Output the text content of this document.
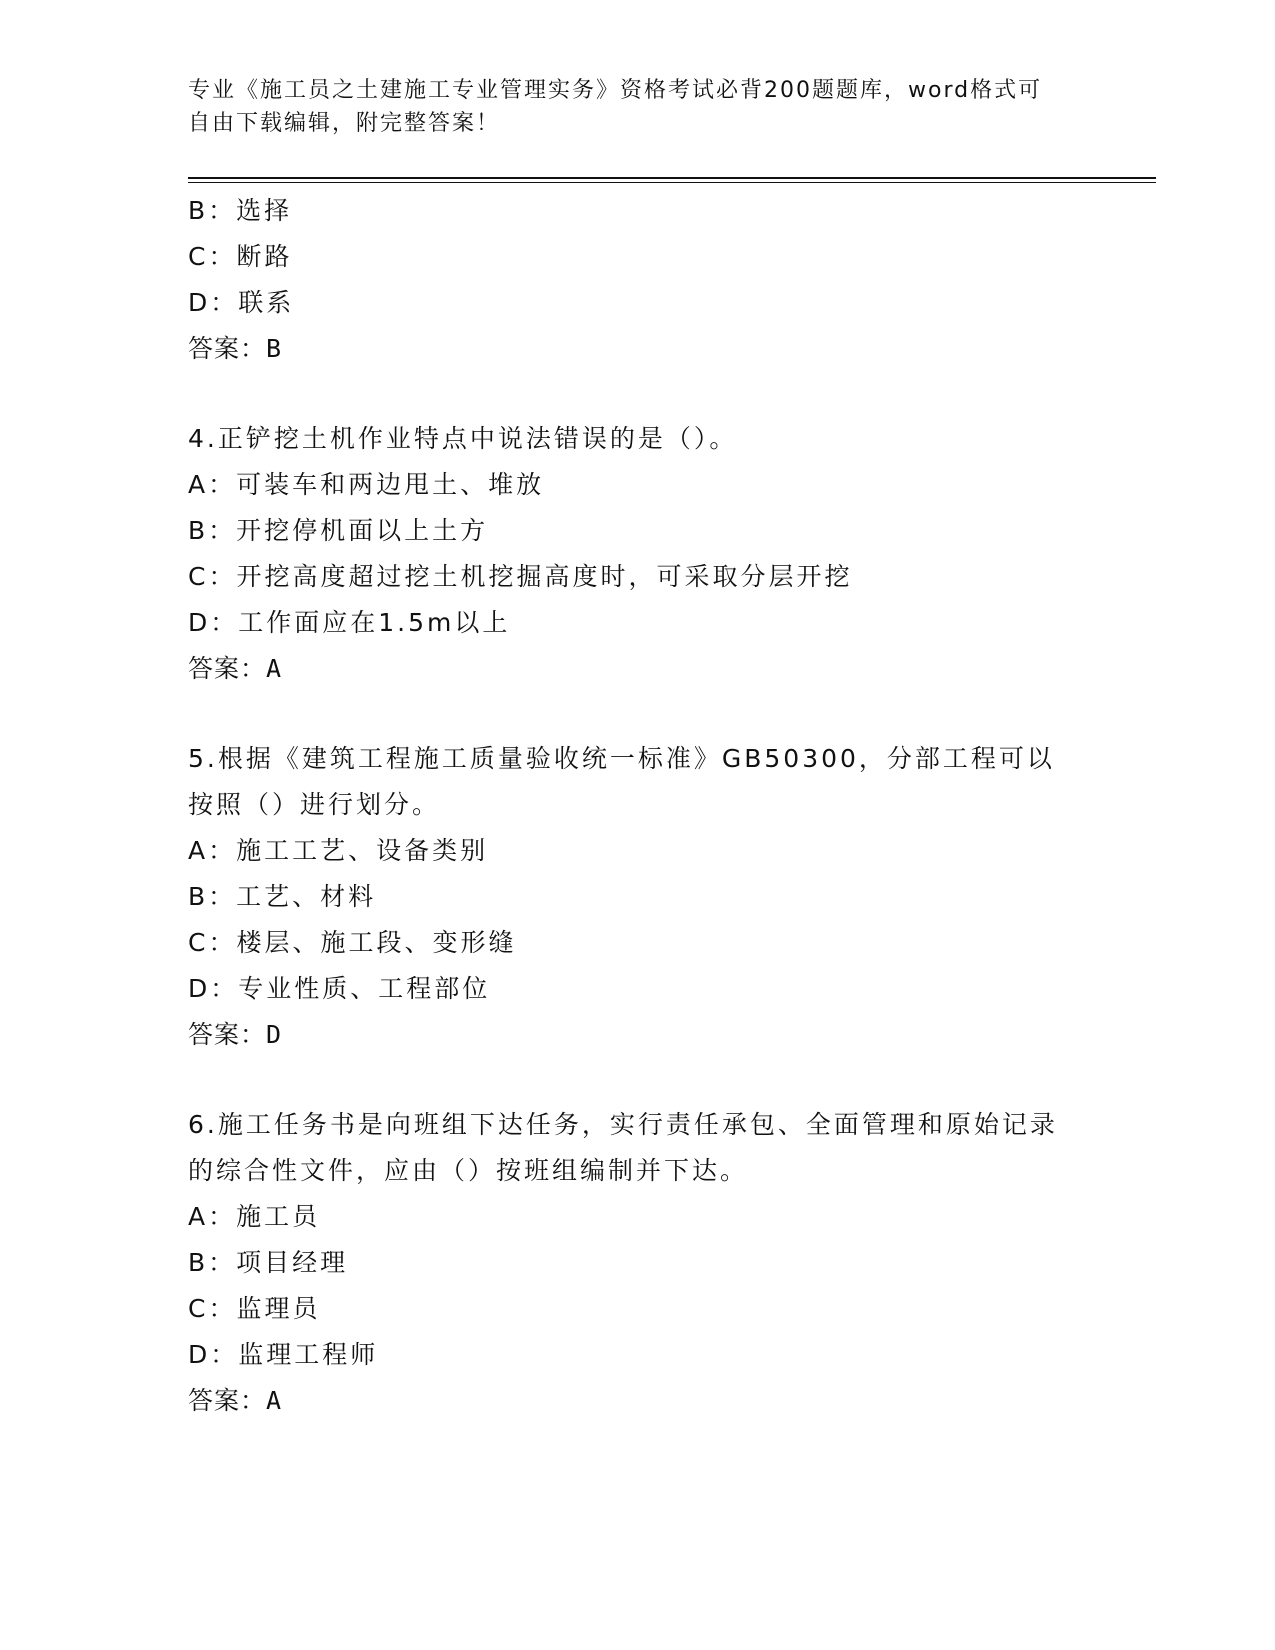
专业《施工员之土建施工专业管理实务》资格考试必背200题题库，word格式可
自由下载编辑，附完整答案！
B：选择
C：断路
D：联系
答案：B
4.正铲挖土机作业特点中说法错误的是（）。
A：可装车和两边甩土、堆放
B：开挖停机面以上土方
C：开挖高度超过挖土机挖掘高度时，可采取分层开挖
D：工作面应在1.5m以上
答案：A
5.根据《建筑工程施工质量验收统一标准》GB50300，分部工程可以按照（）进行划分。
A：施工工艺、设备类别
B：工艺、材料
C：楼层、施工段、变形缝
D：专业性质、工程部位
答案：D
6.施工任务书是向班组下达任务，实行责任承包、全面管理和原始记录的综合性文件，应由（）按班组编制并下达。
A：施工员
B：项目经理
C：监理员
D：监理工程师
答案：A
